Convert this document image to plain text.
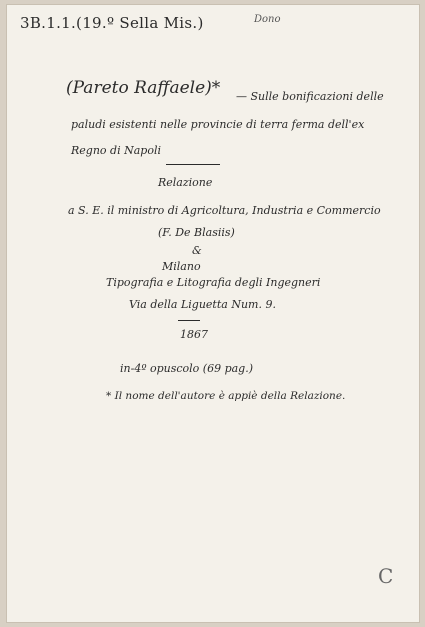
3B.1.1.(19.º Sella Mis.)	Dono
(Pareto Raffaele)* — Sulle bonificazioni delle
paludi esistenti nelle provincie di terra ferma dell'ex
Regno di Napoli
Relazione
a S. E. il ministro di Agricoltura, Industria e Commercio
(F. De Blasiis)
&
Milano
Tipografia e Litografia degli Ingegneri
Via della Liguetta Num. 9.
1867
in-4º opuscolo (69 pag.)
* Il nome dell'autore è appiè della Relazione.
C
